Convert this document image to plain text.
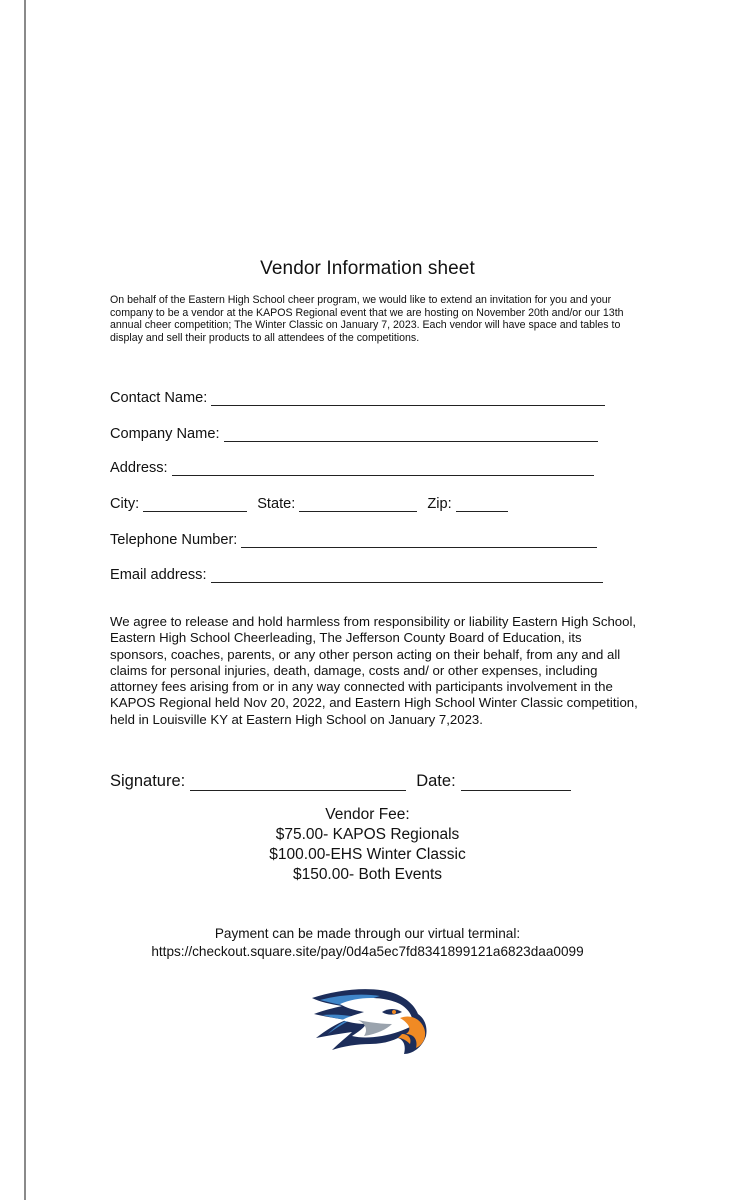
Vendor Information sheet
On behalf of the Eastern High School cheer program, we would like to extend an invitation for you and your company to be a vendor at the KAPOS Regional event that we are hosting on November 20th and/or our 13th annual cheer competition; The Winter Classic on January 7, 2023. Each vendor will have space and tables to display and sell their products to all attendees of the competitions.
Contact Name:
Company Name:
Address:
City:	State:	Zip:
Telephone Number:
Email address:
We agree to release and hold harmless from responsibility or liability Eastern High School, Eastern High School Cheerleading, The Jefferson County Board of Education, its sponsors, coaches, parents, or any other person acting on their behalf, from any and all claims for personal injuries, death, damage, costs and/ or other expenses, including attorney fees arising from or in any way connected with participants involvement in the KAPOS Regional held Nov 20, 2022, and Eastern High School Winter Classic competition, held in Louisville KY at Eastern High School on January 7,2023.
Signature:	Date:
Vendor Fee:
$75.00- KAPOS Regionals
$100.00-EHS Winter Classic
$150.00- Both Events
Payment can be made through our virtual terminal:
https://checkout.square.site/pay/0d4a5ec7fd8341899121a6823daa0099
